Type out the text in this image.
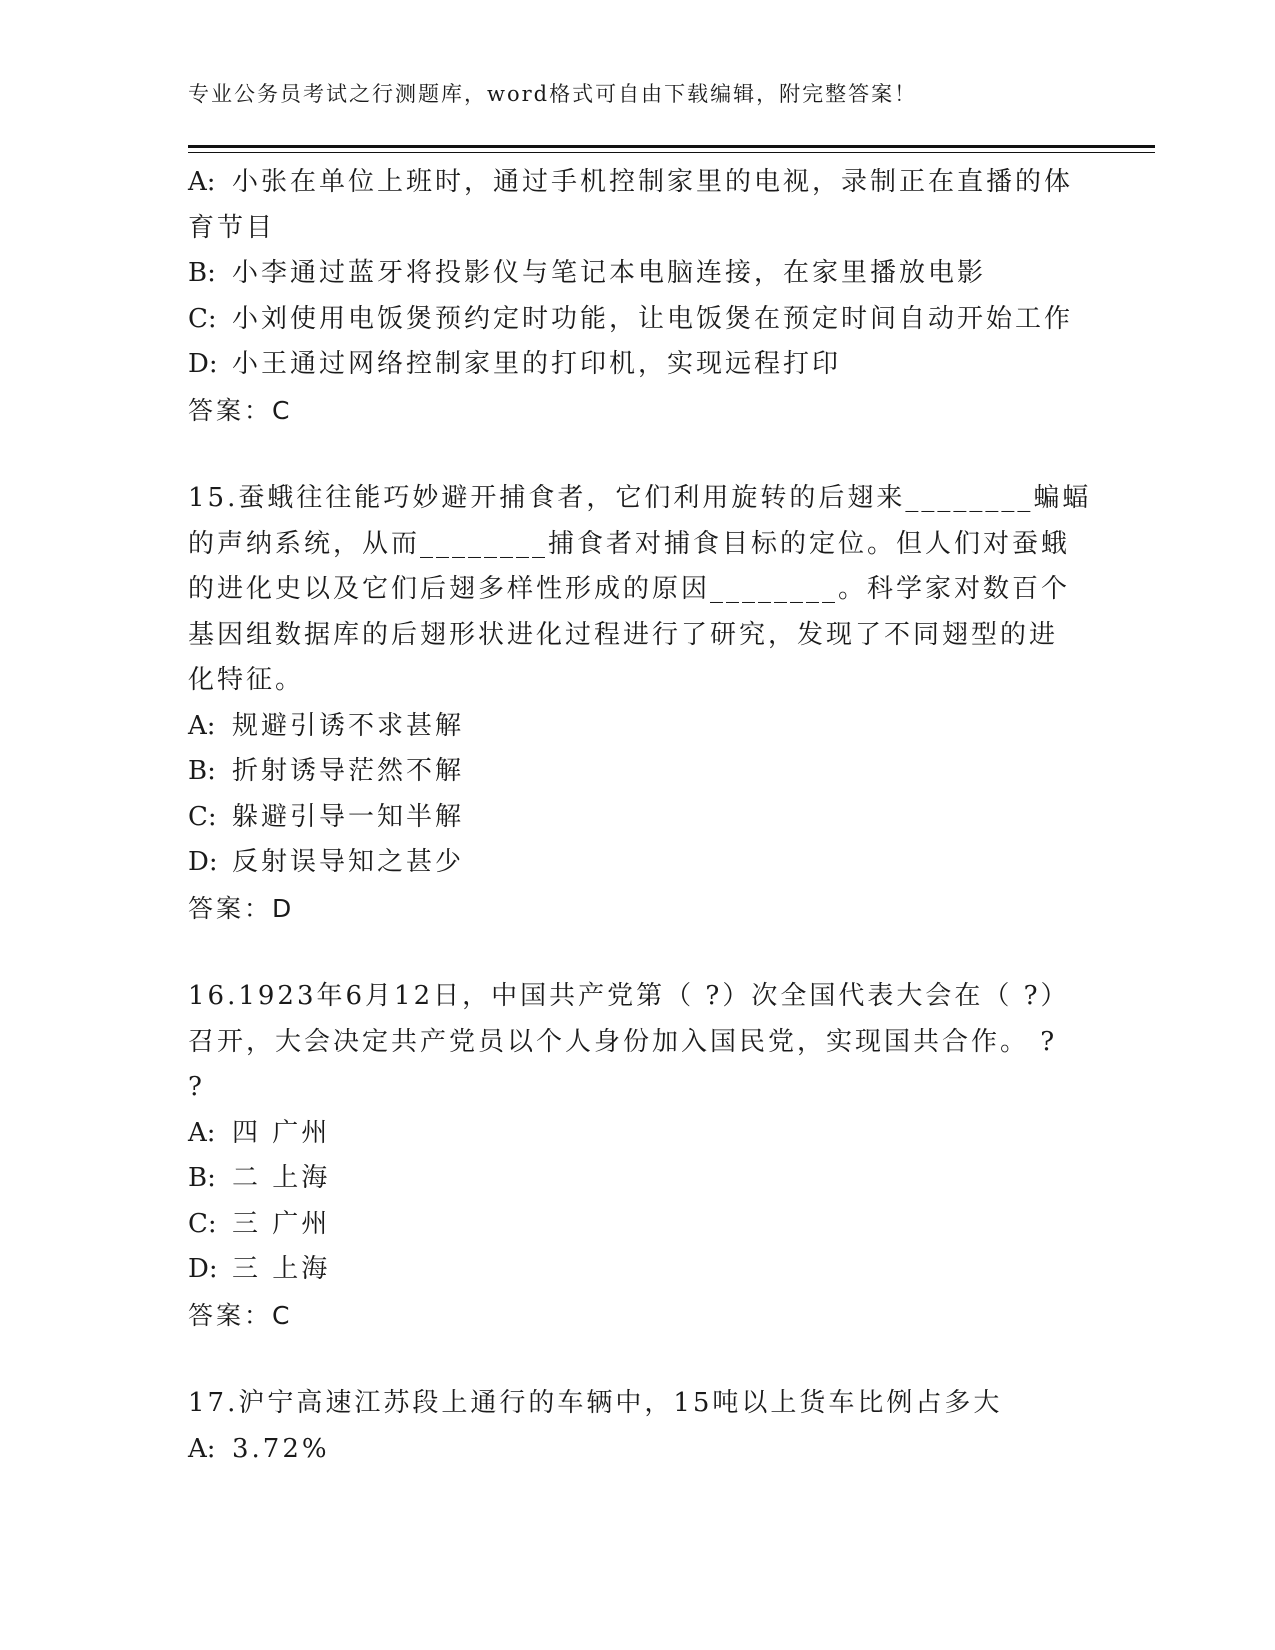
专业公务员考试之行测题库，word格式可自由下载编辑，附完整答案！
A: 小张在单位上班时，通过手机控制家里的电视，录制正在直播的体
育节目
B: 小李通过蓝牙将投影仪与笔记本电脑连接，在家里播放电影
C: 小刘使用电饭煲预约定时功能，让电饭煲在预定时间自动开始工作
D: 小王通过网络控制家里的打印机，实现远程打印
答案：C
15.蚕蛾往往能巧妙避开捕食者，它们利用旋转的后翅来________蝙蝠
的声纳系统，从而________捕食者对捕食目标的定位。但人们对蚕蛾
的进化史以及它们后翅多样性形成的原因________。科学家对数百个
基因组数据库的后翅形状进化过程进行了研究，发现了不同翅型的进
化特征。
A: 规避引诱不求甚解
B: 折射诱导茫然不解
C: 躲避引导一知半解
D: 反射误导知之甚少
答案：D
16.1923年6月12日，中国共产党第（ ?）次全国代表大会在（ ?）
召开，大会决定共产党员以个人身份加入国民党，实现国共合作。 ?
?
A: 四 广州
B: 二 上海
C: 三 广州
D: 三 上海
答案：C
17.沪宁高速江苏段上通行的车辆中，15吨以上货车比例占多大
A: 3.72%
